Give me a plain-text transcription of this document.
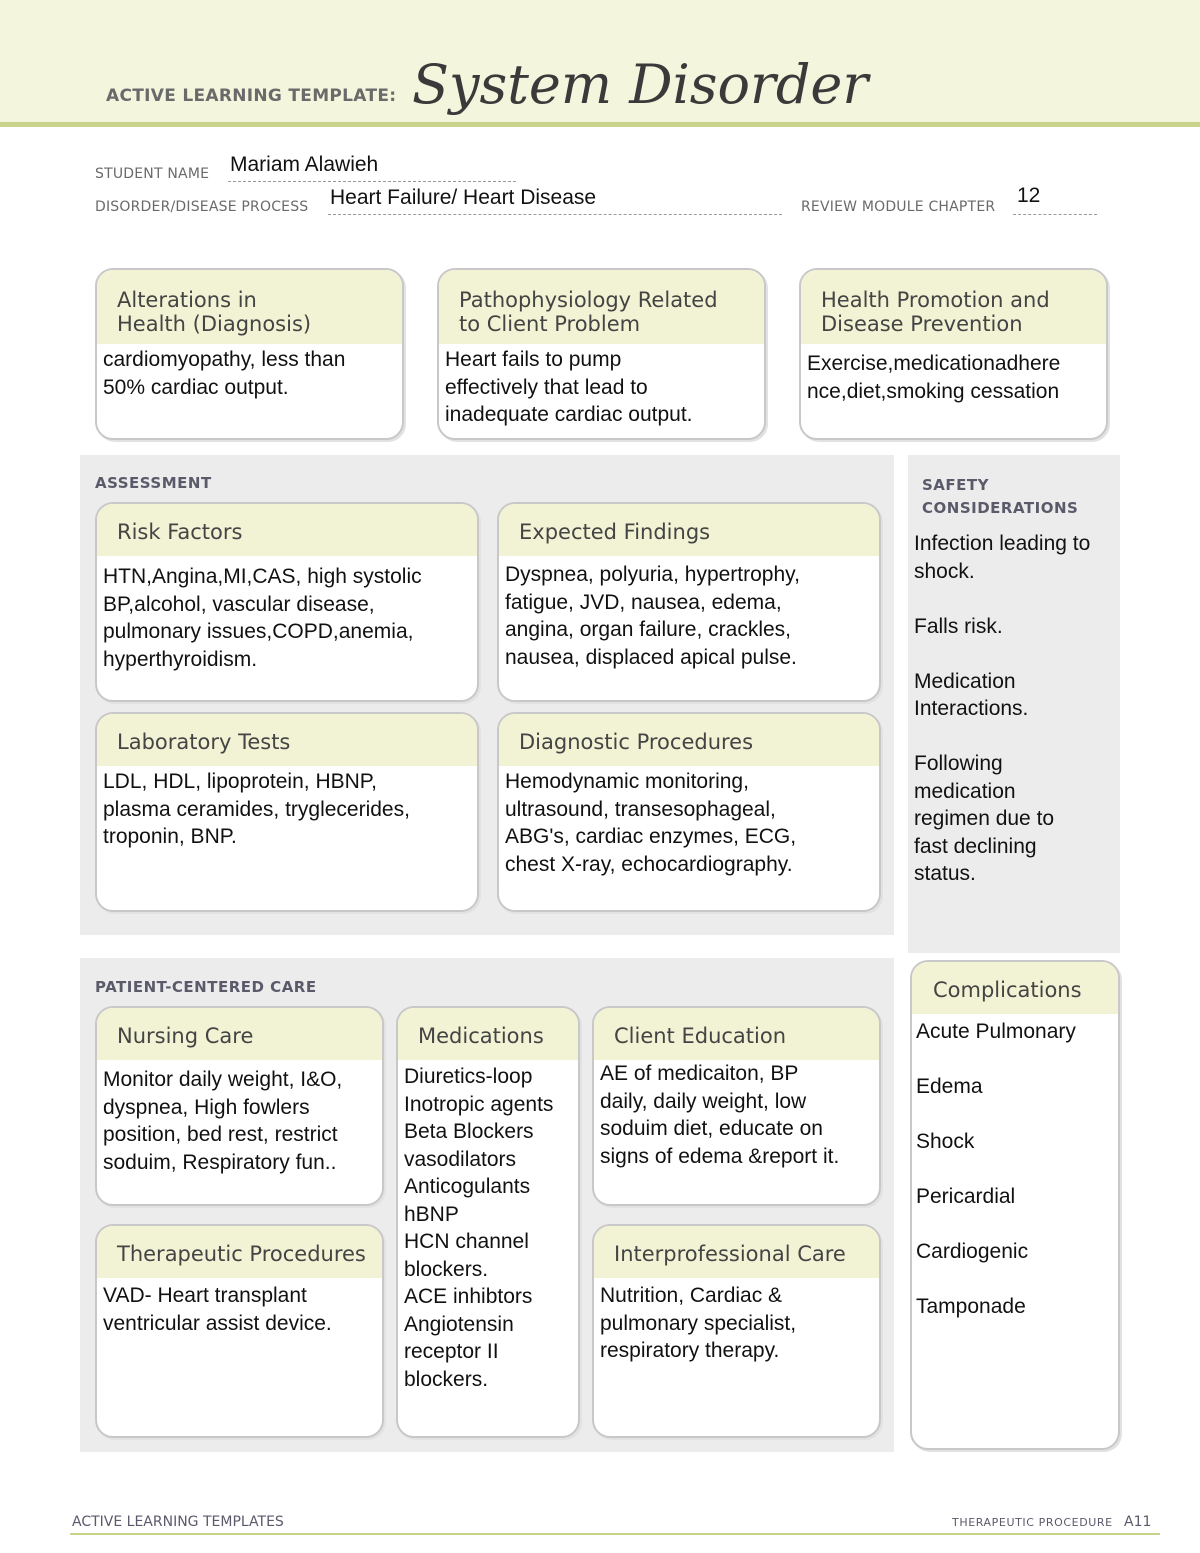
ACTIVE LEARNING TEMPLATE: System Disorder
STUDENT NAME Mariam Alawieh
DISORDER/DISEASE PROCESS Heart Failure/ Heart Disease	REVIEW MODULE CHAPTER 12
Alterations in
Health (Diagnosis)
cardiomyopathy, less than
50% cardiac output.
Pathophysiology Related
to Client Problem
Heart fails to pump
effectively that lead to
inadequate cardiac output.
Health Promotion and
Disease Prevention
Exercise,medicationadhere
nce,diet,smoking cessation
ASSESSMENT
Risk Factors
HTN,Angina,MI,CAS, high systolic
BP,alcohol, vascular disease,
pulmonary issues,COPD,anemia,
hyperthyroidism.
Expected Findings
Dyspnea, polyuria, hypertrophy,
fatigue, JVD, nausea, edema,
angina, organ failure, crackles,
nausea, displaced apical pulse.
Laboratory Tests
LDL, HDL, lipoprotein, HBNP,
plasma ceramides, tryglecerides,
troponin, BNP.
Diagnostic Procedures
Hemodynamic monitoring,
ultrasound, transesophageal,
ABG's, cardiac enzymes, ECG,
chest X-ray, echocardiography.
SAFETY
CONSIDERATIONS
Infection leading to
shock.

Falls risk.

Medication
Interactions.

Following
medication
regimen due to
fast declining
status.
PATIENT-CENTERED CARE
Nursing Care
Monitor daily weight, I&O,
dyspnea, High fowlers
position, bed rest, restrict
soduim, Respiratory fun..
Medications
Diuretics-loop
Inotropic agents
Beta Blockers
vasodilators
Anticogulants
hBNP
HCN channel
blockers.
ACE inhibtors
Angiotensin
receptor II
blockers.
Client Education
AE of medicaiton, BP
daily, daily weight, low
soduim diet, educate on
signs of edema &report it.
Therapeutic Procedures
VAD- Heart transplant
ventricular assist device.
Interprofessional Care
Nutrition, Cardiac &
pulmonary specialist,
respiratory therapy.
Complications
Acute Pulmonary

Edema

Shock

Pericardial

Cardiogenic

Tamponade
ACTIVE LEARNING TEMPLATES	THERAPEUTIC PROCEDURE A11
